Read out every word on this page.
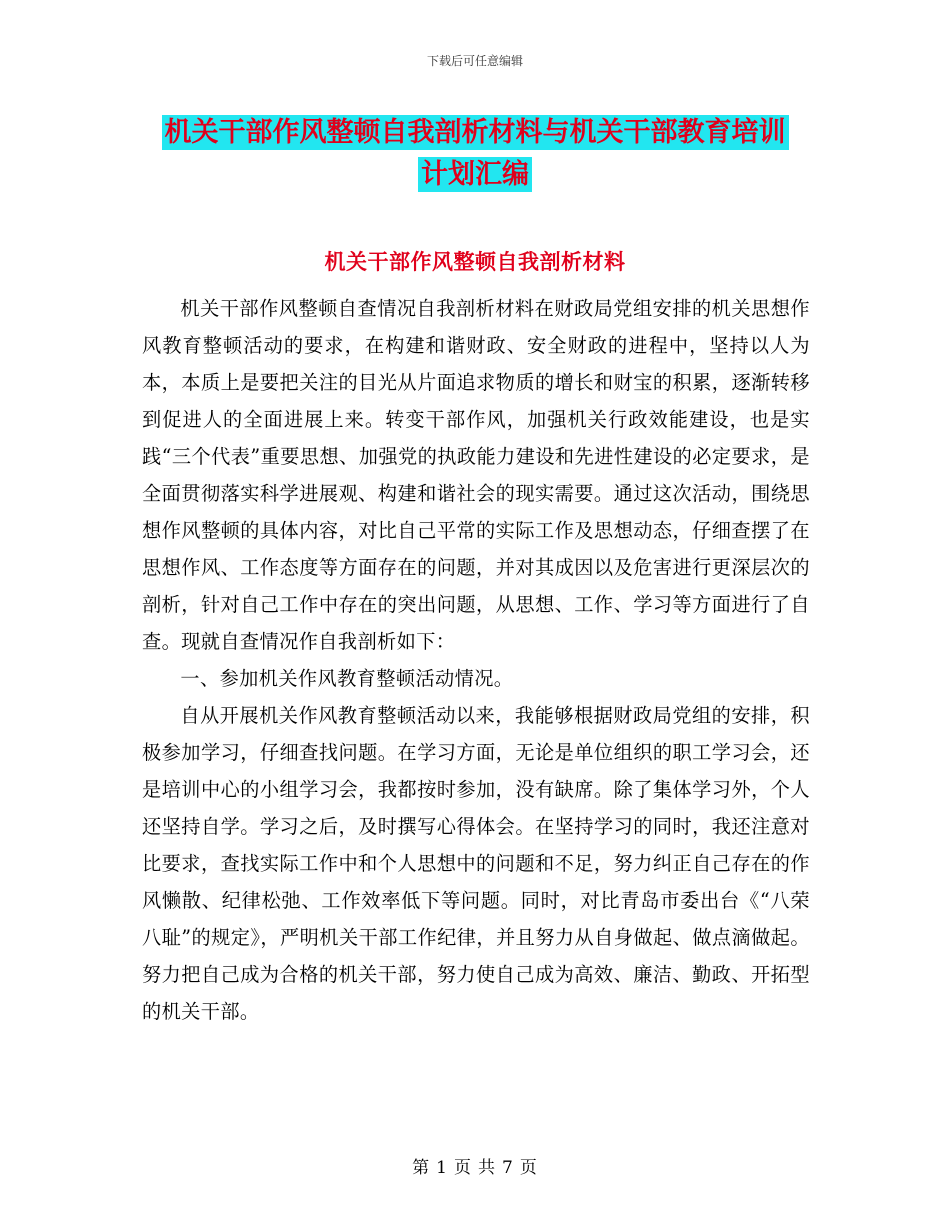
下载后可任意编辑
机关干部作风整顿自我剖析材料与机关干部教育培训
计划汇编
机关干部作风整顿自我剖析材料

机关干部作风整顿自查情况自我剖析材料在财政局党组安排的机关思想作风教育整顿活动的要求，在构建和谐财政、安全财政的进程中，坚持以人为本，本质上是要把关注的目光从片面追求物质的增长和财宝的积累，逐渐转移到促进人的全面进展上来。转变干部作风，加强机关行政效能建设，也是实践“三个代表”重要思想、加强党的执政能力建设和先进性建设的必定要求，是全面贯彻落实科学进展观、构建和谐社会的现实需要。通过这次活动，围绕思想作风整顿的具体内容，对比自己平常的实际工作及思想动态，仔细查摆了在思想作风、工作态度等方面存在的问题，并对其成因以及危害进行更深层次的剖析，针对自己工作中存在的突出问题，从思想、工作、学习等方面进行了自查。现就自查情况作自我剖析如下：

一、参加机关作风教育整顿活动情况。

自从开展机关作风教育整顿活动以来，我能够根据财政局党组的安排，积极参加学习，仔细查找问题。在学习方面，无论是单位组织的职工学习会，还是培训中心的小组学习会，我都按时参加，没有缺席。除了集体学习外，个人还坚持自学。学习之后，及时撰写心得体会。在坚持学习的同时，我还注意对比要求，查找实际工作中和个人思想中的问题和不足，努力纠正自己存在的作风懒散、纪律松弛、工作效率低下等问题。同时，对比青岛市委出台《“八荣八耻”的规定》，严明机关干部工作纪律，并且努力从自身做起、做点滴做起。努力把自己成为合格的机关干部，努力使自己成为高效、廉洁、勤政、开拓型的机关干部。

第 1 页 共 7 页
